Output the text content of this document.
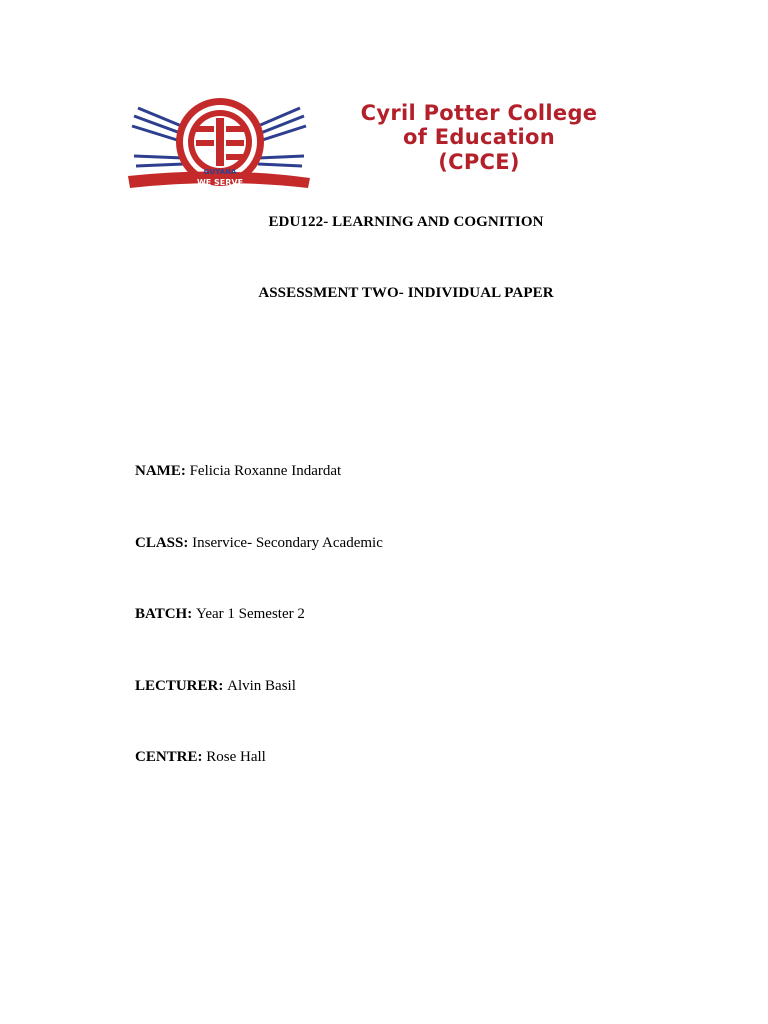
WE SERVE
GUYANA
Cyril Potter College
of Education
(CPCE)
EDU122- LEARNING AND COGNITION
ASSESSMENT TWO- INDIVIDUAL PAPER
NAME: Felicia Roxanne Indardat
CLASS: Inservice- Secondary Academic
BATCH: Year 1 Semester 2
LECTURER: Alvin Basil
CENTRE: Rose Hall
